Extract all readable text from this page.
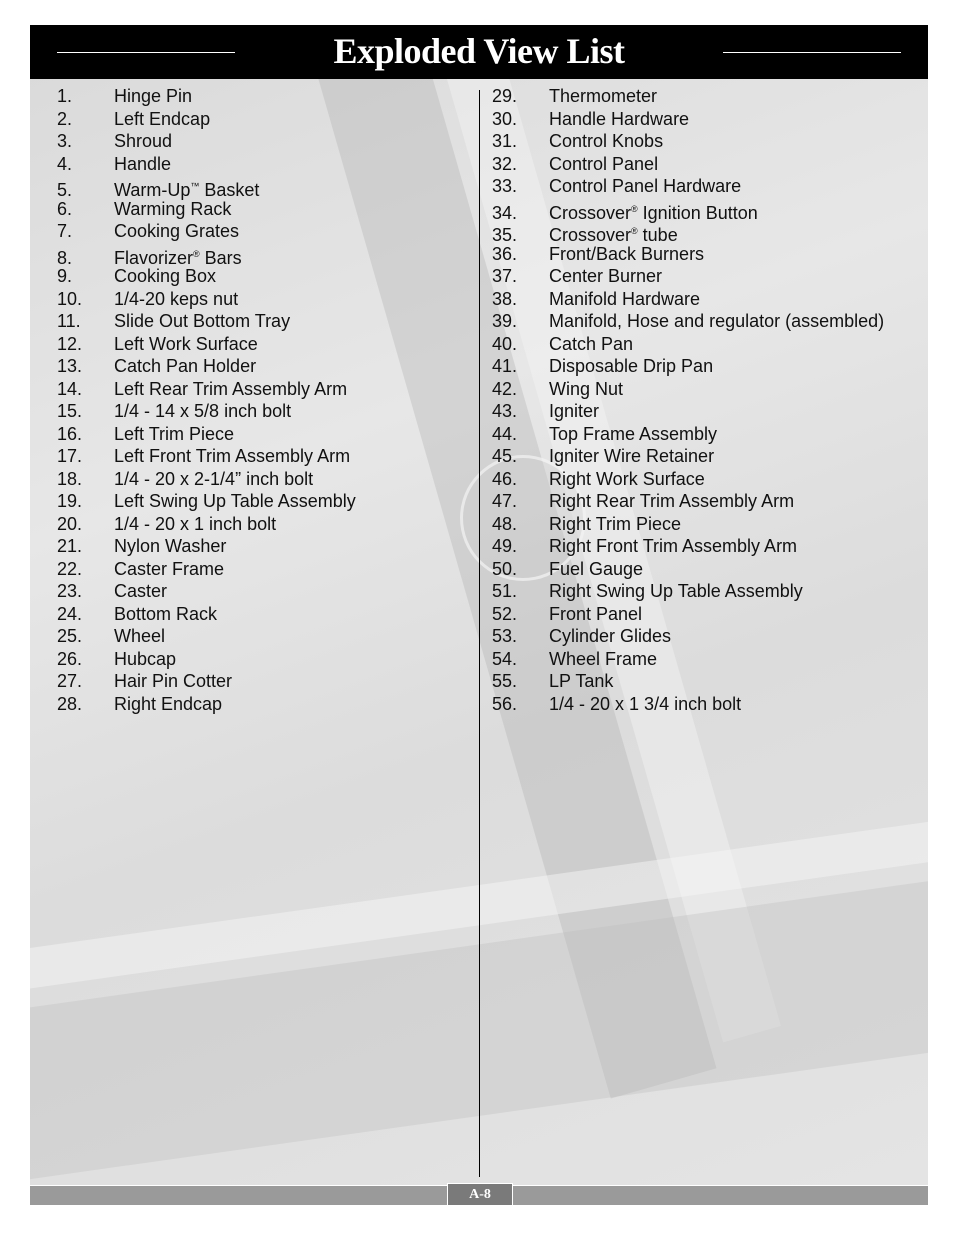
Exploded View List
1. Hinge Pin
2. Left Endcap
3. Shroud
4. Handle
5. Warm-Up™ Basket
6. Warming Rack
7. Cooking Grates
8. Flavorizer® Bars
9. Cooking Box
10. 1/4-20 keps nut
11. Slide Out Bottom Tray
12. Left Work Surface
13. Catch Pan Holder
14. Left Rear Trim Assembly Arm
15. 1/4 - 14 x 5/8 inch bolt
16. Left Trim Piece
17. Left Front Trim Assembly Arm
18. 1/4 - 20 x 2-1/4” inch bolt
19. Left Swing Up Table Assembly
20. 1/4 - 20 x 1 inch bolt
21. Nylon Washer
22. Caster Frame
23. Caster
24. Bottom Rack
25. Wheel
26. Hubcap
27. Hair Pin Cotter
28. Right Endcap
29. Thermometer
30. Handle Hardware
31. Control Knobs
32. Control Panel
33. Control Panel Hardware
34. Crossover® Ignition Button
35. Crossover® tube
36. Front/Back Burners
37. Center Burner
38. Manifold Hardware
39. Manifold, Hose and regulator (assembled)
40. Catch Pan
41. Disposable Drip Pan
42. Wing Nut
43. Igniter
44. Top Frame Assembly
45. Igniter Wire Retainer
46. Right Work Surface
47. Right Rear Trim Assembly Arm
48. Right Trim Piece
49. Right Front Trim Assembly Arm
50. Fuel Gauge
51. Right Swing Up Table Assembly
52. Front Panel
53. Cylinder Glides
54. Wheel Frame
55. LP Tank
56. 1/4 - 20 x 1 3/4 inch bolt
A-8
